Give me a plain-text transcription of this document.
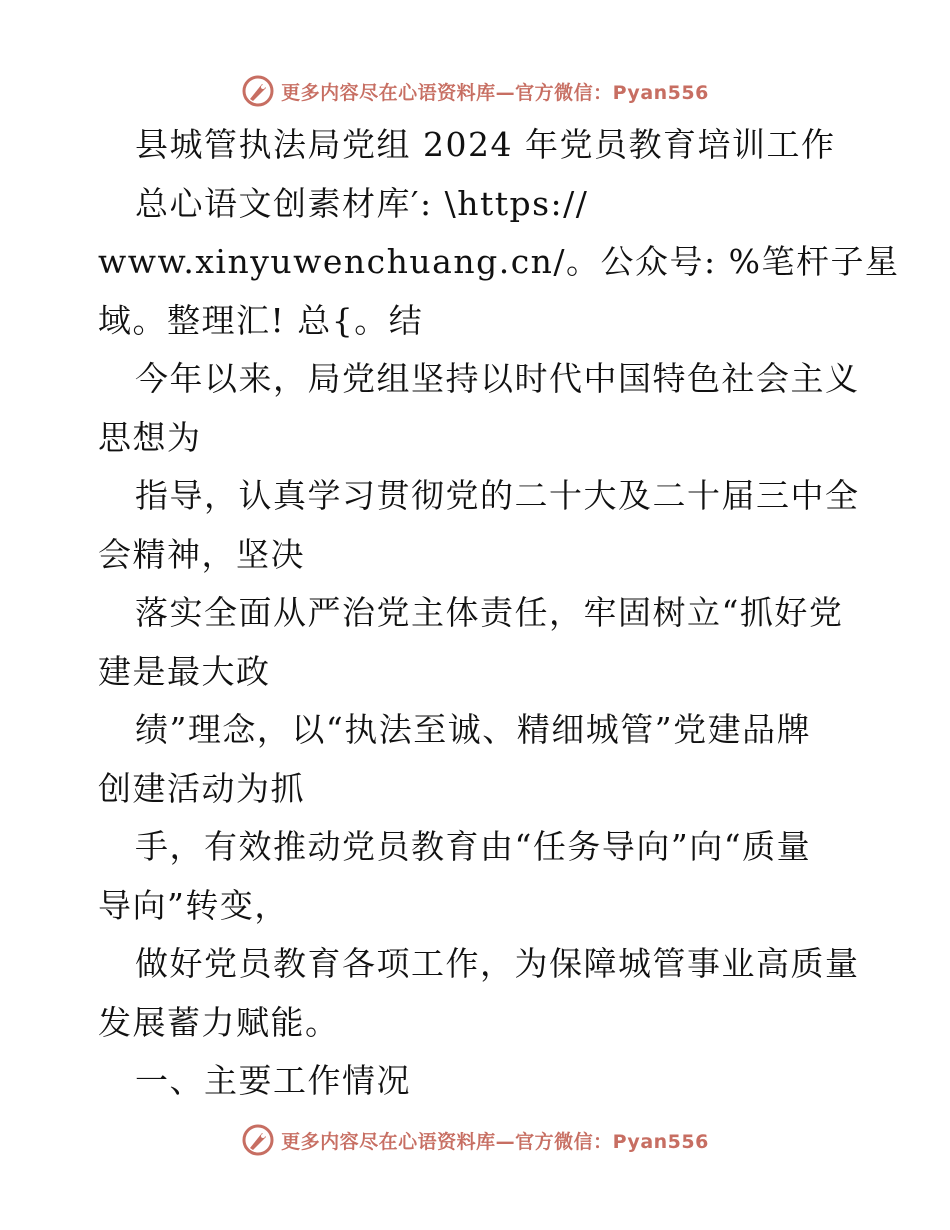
更多内容尽在心语资料库—官方微信：Pyan556
县城管执法局党组 2024 年党员教育培训工作
总心语文创素材库′: \https://
www.xinyuwenchuang.cn/。公众号: %笔杆子星
域。整理汇! 总{。结
今年以来，局党组坚持以时代中国特色社会主义
思想为
指导，认真学习贯彻党的二十大及二十届三中全
会精神，坚决
落实全面从严治党主体责任，牢固树立“抓好党
建是最大政
绩”理念，以“执法至诚、精细城管”党建品牌
创建活动为抓
手，有效推动党员教育由“任务导向”向“质量
导向”转变，
做好党员教育各项工作，为保障城管事业高质量
发展蓄力赋能。
一、主要工作情况
更多内容尽在心语资料库—官方微信：Pyan556
